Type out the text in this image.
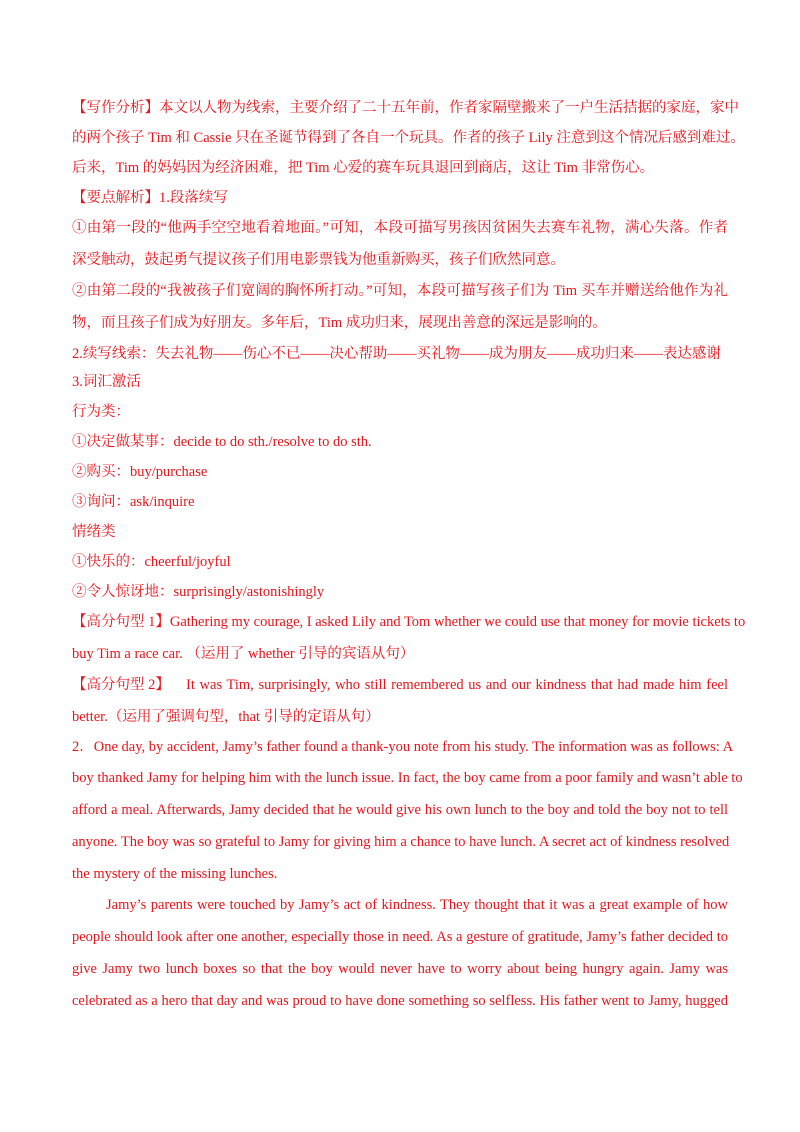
【写作分析】本文以人物为线索，主要介绍了二十五年前，作者家隔壁搬来了一户生活拮据的家庭，家中
的两个孩子 Tim 和 Cassie 只在圣诞节得到了各自一个玩具。作者的孩子 Lily 注意到这个情况后感到难过。
后来，Tim 的妈妈因为经济困难，把 Tim 心爱的赛车玩具退回到商店，这让 Tim 非常伤心。
【要点解析】1.段落续写
①由第一段的“他两手空空地看着地面。”可知，本段可描写男孩因贫困失去赛车礼物，满心失落。作者
深受触动，鼓起勇气提议孩子们用电影票钱为他重新购买，孩子们欣然同意。
②由第二段的“我被孩子们宽阔的胸怀所打动。”可知，本段可描写孩子们为 Tim 买车并赠送给他作为礼
物，而且孩子们成为好朋友。多年后，Tim 成功归来，展现出善意的深远是影响的。
2.续写线索：失去礼物——伤心不已——决心帮助——买礼物——成为朋友——成功归来——表达感谢
3.词汇激活
行为类：
①决定做某事：decide to do sth./resolve to do sth.
②购买：buy/purchase
③询问：ask/inquire
情绪类
①快乐的：cheerful/joyful
②令人惊讶地：surprisingly/astonishingly
【高分句型 1】Gathering my courage, I asked Lily and Tom whether we could use that money for movie tickets to
buy Tim a race car. （运用了 whether 引导的宾语从句）
【高分句型 2】 It was Tim, surprisingly, who still remembered us and our kindness that had made him feel
better.（运用了强调句型，that 引导的定语从句）
2．One day, by accident, Jamy’s father found a thank-you note from his study. The information was as follows: A
boy thanked Jamy for helping him with the lunch issue. In fact, the boy came from a poor family and wasn’t able to
afford a meal. Afterwards, Jamy decided that he would give his own lunch to the boy and told the boy not to tell
anyone. The boy was so grateful to Jamy for giving him a chance to have lunch. A secret act of kindness resolved
the mystery of the missing lunches.
Jamy’s parents were touched by Jamy’s act of kindness. They thought that it was a great example of how
people should look after one another, especially those in need. As a gesture of gratitude, Jamy’s father decided to
give Jamy two lunch boxes so that the boy would never have to worry about being hungry again. Jamy was
celebrated as a hero that day and was proud to have done something so selfless. His father went to Jamy, hugged
